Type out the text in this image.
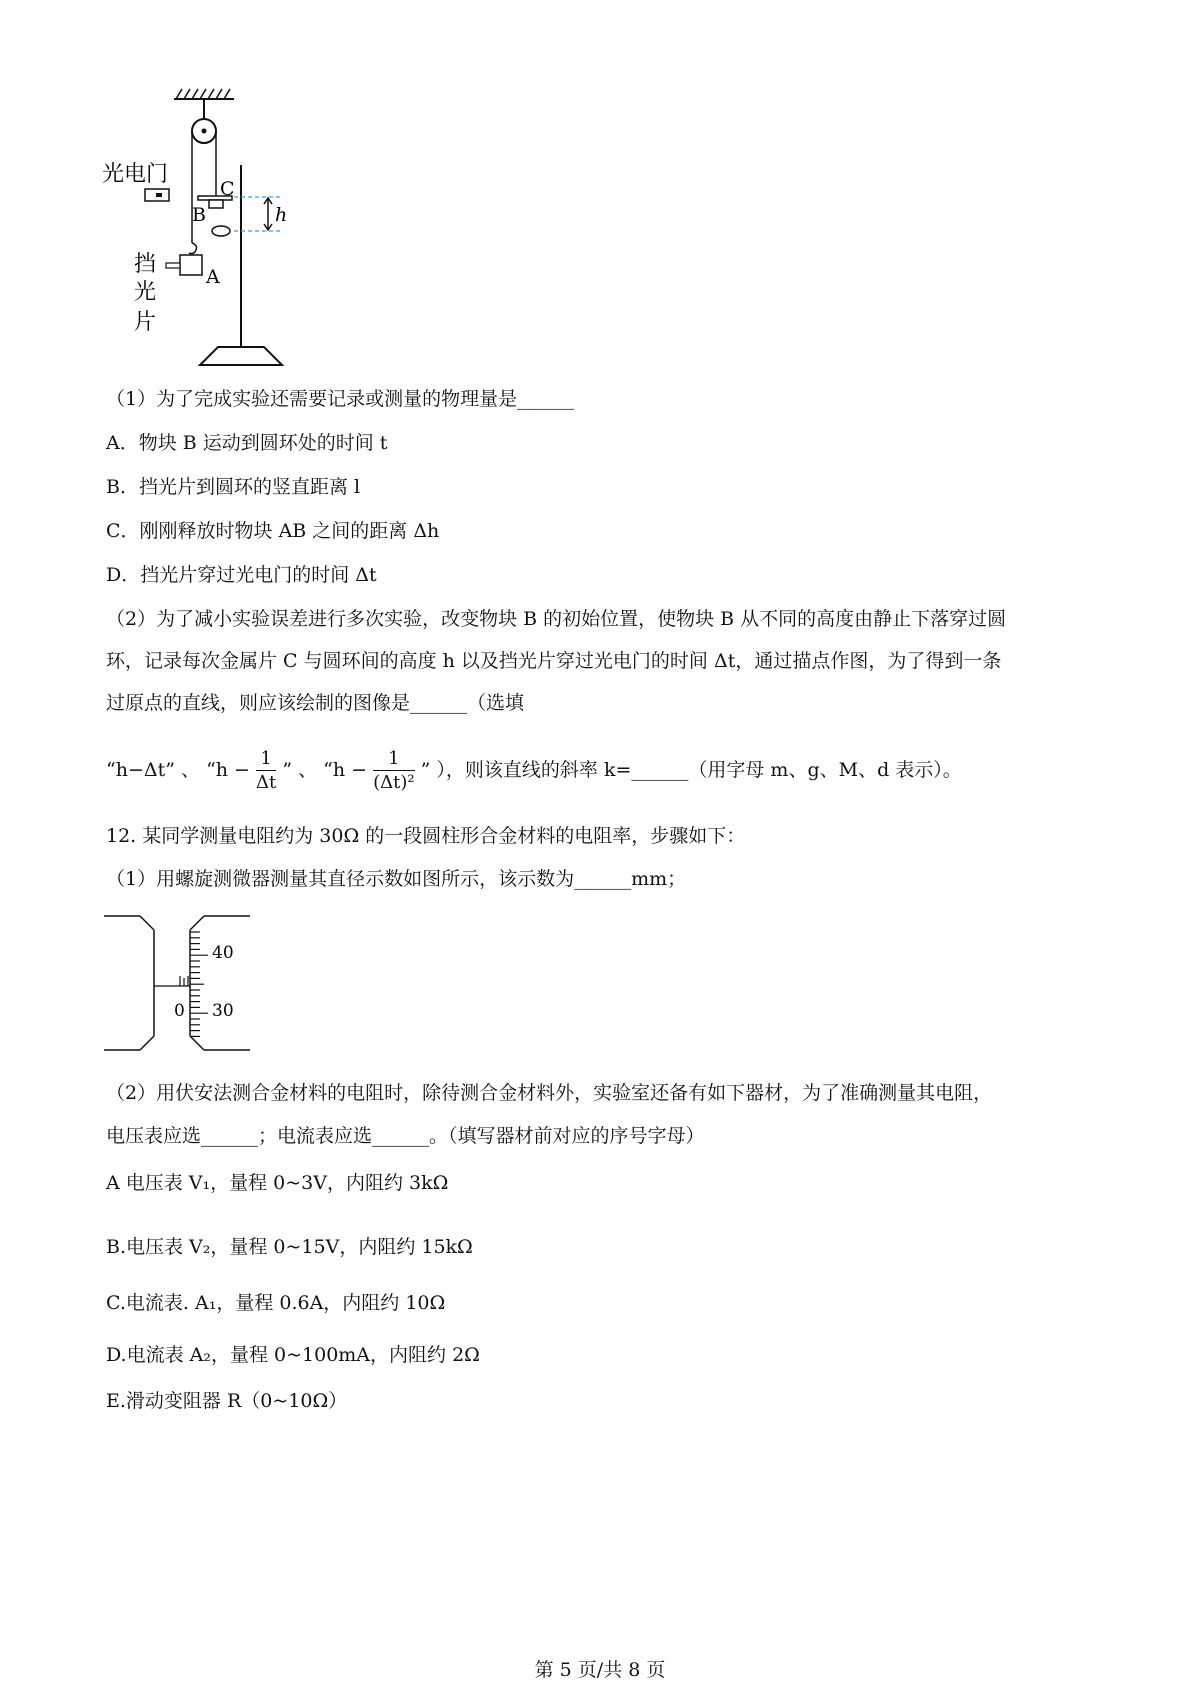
光电门
C
B	h
挡
光
片
A
（1）为了完成实验还需要记录或测量的物理量是______
A．物块 B 运动到圆环处的时间 t
B．挡光片到圆环的竖直距离 l
C．刚刚释放时物块 AB 之间的距离 Δh
D．挡光片穿过光电门的时间 Δt
（2）为了减小实验误差进行多次实验，改变物块 B 的初始位置，使物块 B 从不同的高度由静止下落穿过圆
环，记录每次金属片 C 与圆环间的高度 h 以及挡光片穿过光电门的时间 Δt，通过描点作图，为了得到一条
过原点的直线，则应该绘制的图像是______（选填
“h−Δt” 、 “$h - \frac{1}{\Delta t}$ ” 、 “$h - \frac{1}{\text{(Δt)²}}$ ” ），则该直线的斜率 k=______（用字母 m、g、M、d 表示）。
12. 某同学测量电阻约为 30Ω 的一段圆柱形合金材料的电阻率，步骤如下：
（1）用螺旋测微器测量其直径示数如图所示，该示数为______mm；
40
30
0
（2）用伏安法测合金材料的电阻时，除待测合金材料外，实验室还备有如下器材，为了准确测量其电阻，
电压表应选______；电流表应选______。（填写器材前对应的序号字母）
A 电压表 V₁，量程 0~3V，内阻约 3kΩ
B.电压表 V₂，量程 0~15V，内阻约 15kΩ
C.电流表. A₁，量程 0.6A，内阻约 10Ω
D.电流表 A₂，量程 0~100mA，内阻约 2Ω
E.滑动变阻器 R（0~10Ω）
第 5 页/共 8 页
